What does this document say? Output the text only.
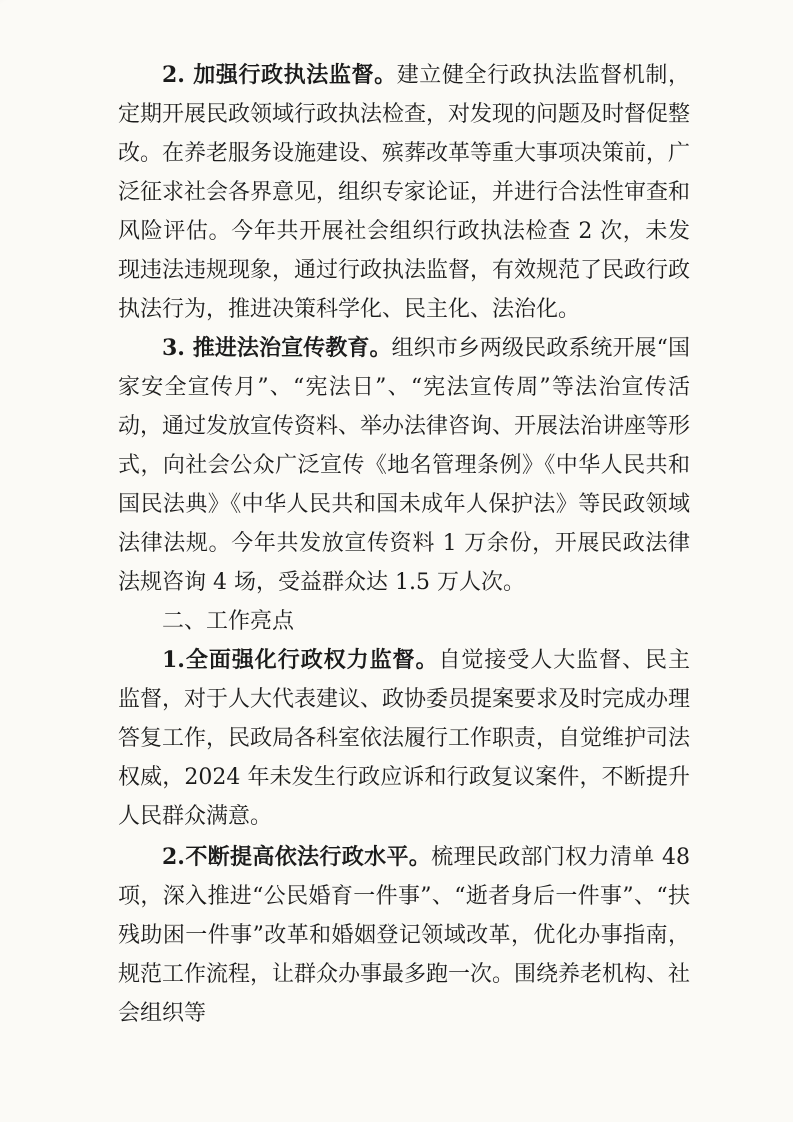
2. 加强行政执法监督。建立健全行政执法监督机制，定期开展民政领域行政执法检查，对发现的问题及时督促整改。在养老服务设施建设、殡葬改革等重大事项决策前，广泛征求社会各界意见，组织专家论证，并进行合法性审查和风险评估。今年共开展社会组织行政执法检查 2 次，未发现违法违规现象，通过行政执法监督，有效规范了民政行政执法行为，推进决策科学化、民主化、法治化。

3. 推进法治宣传教育。组织市乡两级民政系统开展“国家安全宣传月”、“宪法日”、“宪法宣传周”等法治宣传活动，通过发放宣传资料、举办法律咨询、开展法治讲座等形式，向社会公众广泛宣传《地名管理条例》《中华人民共和国民法典》《中华人民共和国未成年人保护法》等民政领域法律法规。今年共发放宣传资料 1 万余份，开展民政法律法规咨询 4 场，受益群众达 1.5 万人次。

二、工作亮点

1.全面强化行政权力监督。自觉接受人大监督、民主监督，对于人大代表建议、政协委员提案要求及时完成办理答复工作，民政局各科室依法履行工作职责，自觉维护司法权威，2024 年未发生行政应诉和行政复议案件，不断提升人民群众满意。

2.不断提高依法行政水平。梳理民政部门权力清单 48 项，深入推进“公民婚育一件事”、“逝者身后一件事”、“扶残助困一件事”改革和婚姻登记领域改革，优化办事指南，规范工作流程，让群众办事最多跑一次。围绕养老机构、社会组织等
